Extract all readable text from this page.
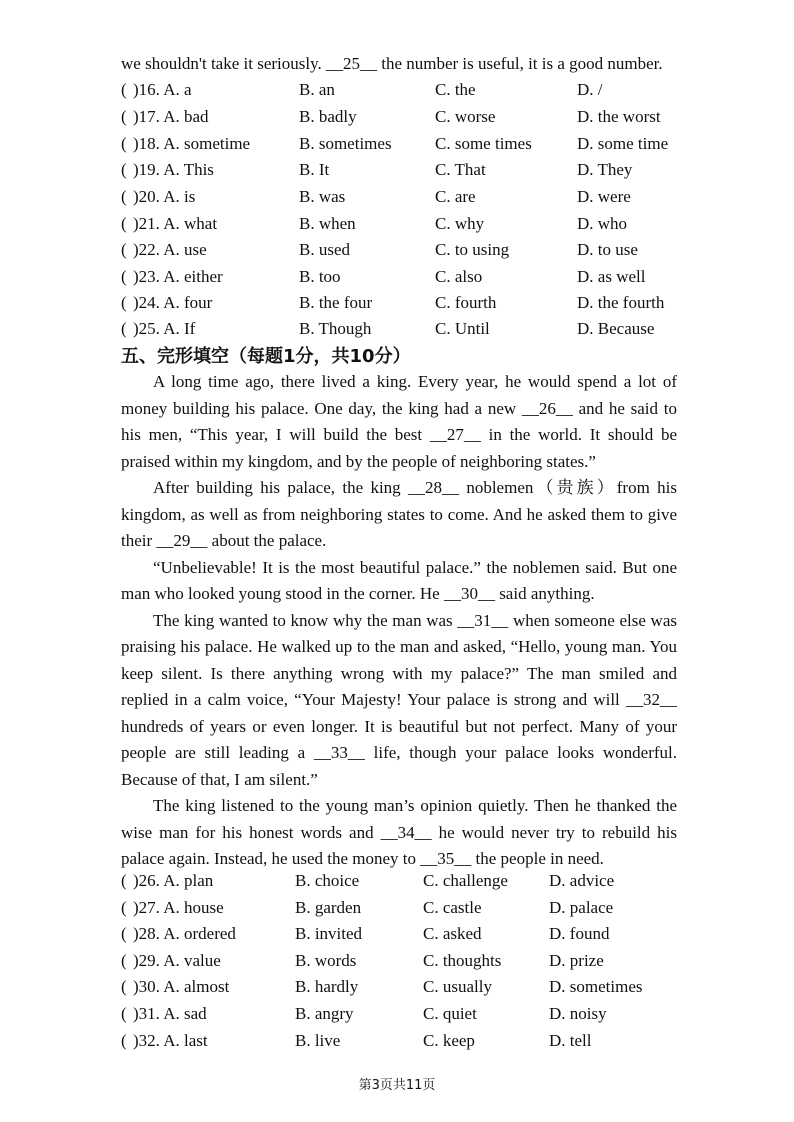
we shouldn't take it seriously. __25__ the number is useful, it is a good number.
( )16. A. a	B. an	C. the	D. /
( )17. A. bad	B. badly	C. worse	D. the worst
( )18. A. sometime	B. sometimes	C. some times	D. some time
( )19. A. This	B. It	C. That	D. They
( )20. A. is	B. was	C. are	D. were
( )21. A. what	B. when	C. why	D. who
( )22. A. use	B. used	C. to using	D. to use
( )23. A. either	B. too	C. also	D. as well
( )24. A. four	B. the four	C. fourth	D. the fourth
( )25. A. If	B. Though	C. Until	D. Because
五、完形填空（每题1分，共10分）

A long time ago, there lived a king. Every year, he would spend a lot of money building his palace. One day, the king had a new __26__ and he said to his men, “This year, I will build the best __27__ in the world. It should be praised within my kingdom, and by the people of neighboring states.”

After building his palace, the king __28__ noblemen（贵族）from his kingdom, as well as from neighboring states to come. And he asked them to give their __29__ about the palace.

“Unbelievable! It is the most beautiful palace.” the noblemen said. But one man who looked young stood in the corner. He __30__ said anything.

The king wanted to know why the man was __31__ when someone else was praising his palace. He walked up to the man and asked, “Hello, young man. You keep silent. Is there anything wrong with my palace?” The man smiled and replied in a calm voice, “Your Majesty! Your palace is strong and will __32__ hundreds of years or even longer. It is beautiful but not perfect. Many of your people are still leading a __33__ life, though your palace looks wonderful. Because of that, I am silent.”

The king listened to the young man’s opinion quietly. Then he thanked the wise man for his honest words and __34__ he would never try to rebuild his palace again. Instead, he used the money to __35__ the people in need.

( )26. A. plan	B. choice	C. challenge D. advice
( )27. A. house	B. garden	C. castle	D. palace
( )28. A. ordered	B. invited	C. asked	D. found
( )29. A. value	B. words	C. thoughts	D. prize
( )30. A. almost	B. hardly	C. usually	D. sometimes
( )31. A. sad	B. angry	C. quiet	D. noisy
( )32. A. last	B. live	C. keep	D. tell
第3页共11页
